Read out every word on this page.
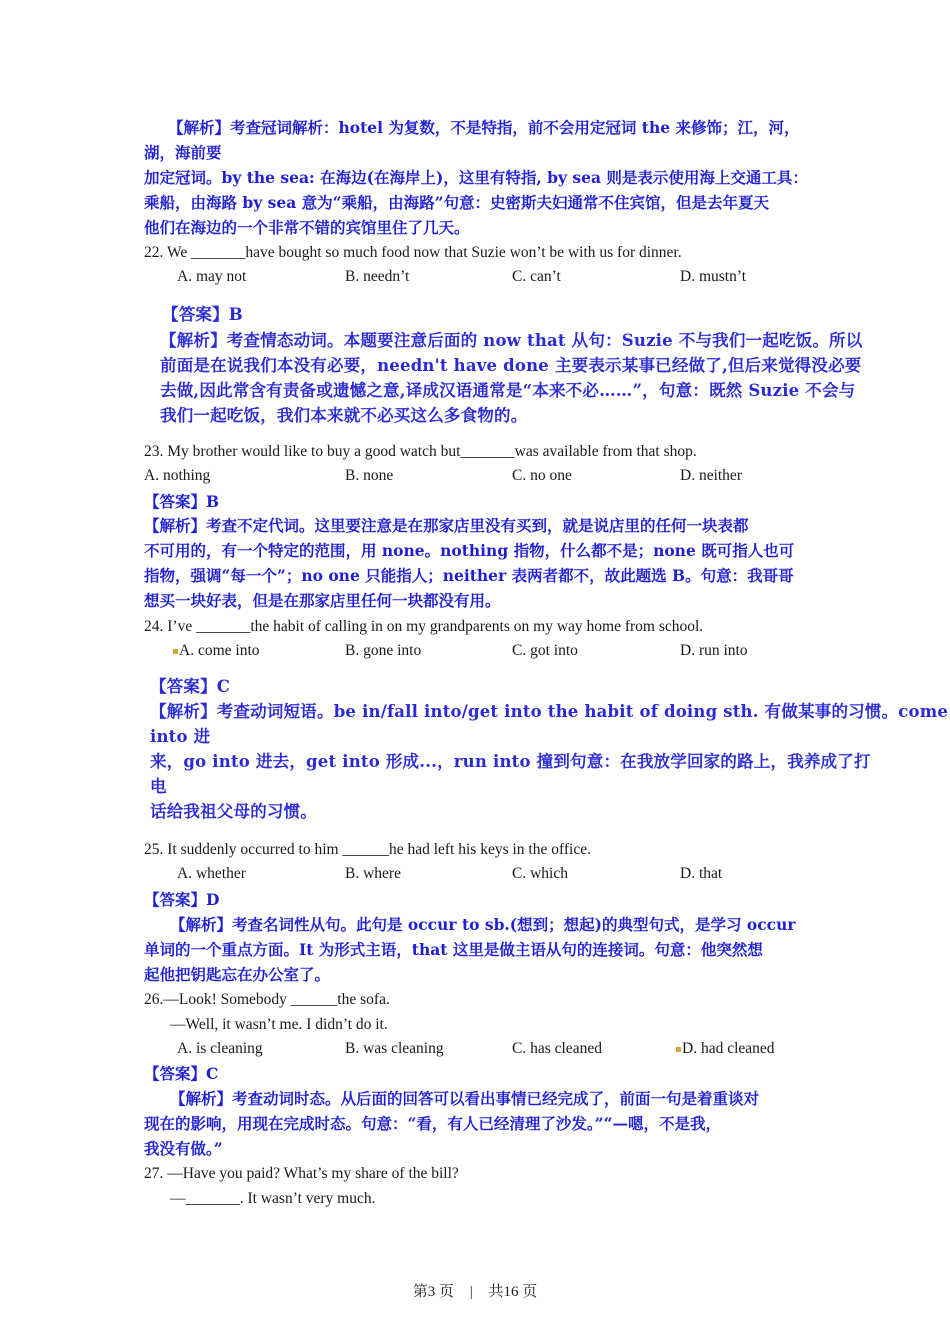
【解析】考查冠词解析：hotel 为复数，不是特指，前不会用定冠词 the 来修饰；江，河，
湖，海前要
加定冠词。by the sea: 在海边(在海岸上)，这里有特指, by sea 则是表示使用海上交通工具：
乘船，由海路 by sea 意为“乘船，由海路”句意：史密斯夫妇通常不住宾馆，但是去年夏天
他们在海边的一个非常不错的宾馆里住了几天。
22. We _______have bought so much food now that Suzie won’t be with us for dinner.
A. may not	B. needn’t	C. can’t	D. mustn’t
【答案】B
【解析】考查情态动词。本题要注意后面的 now that 从句：Suzie 不与我们一起吃饭。所以
前面是在说我们本没有必要，needn't have done 主要表示某事已经做了,但后来觉得没必要
去做,因此常含有责备或遗憾之意,译成汉语通常是“本来不必……”，句意：既然 Suzie 不会与
我们一起吃饭，我们本来就不必买这么多食物的。
23. My brother would like to buy a good watch but_______was available from that shop.
A. nothing	B. none	C. no one	D. neither
【答案】B
【解析】考查不定代词。这里要注意是在那家店里没有买到，就是说店里的任何一块表都
不可用的，有一个特定的范围，用 none。nothing 指物，什么都不是；none 既可指人也可
指物，强调“每一个”；no one 只能指人；neither 表两者都不，故此题选 B。句意：我哥哥
想买一块好表，但是在那家店里任何一块都没有用。
24. I’ve _______the habit of calling in on my grandparents on my way home from school.
A. come into	B. gone into	C. got into	D. run into
【答案】C
【解析】考查动词短语。be in/fall into/get into the habit of doing sth. 有做某事的习惯。come
into 进
来，go into 进去，get into 形成...，run into 撞到句意：在我放学回家的路上，我养成了打
电
话给我祖父母的习惯。
25. It suddenly occurred to him ______he had left his keys in the office.
A. whether	B. where	C. which	D. that
【答案】D
【解析】考查名词性从句。此句是 occur to sb.(想到；想起)的典型句式，是学习 occur
单词的一个重点方面。It 为形式主语，that 这里是做主语从句的连接词。句意：他突然想
起他把钥匙忘在办公室了。
26.—Look! Somebody ______the sofa.
—Well, it wasn’t me. I didn’t do it.
A. is cleaning	B. was cleaning	C. has cleaned	D. had cleaned
【答案】C
【解析】考查动词时态。从后面的回答可以看出事情已经完成了，前面一句是着重谈对
现在的影响，用现在完成时态。句意：“看，有人已经清理了沙发。”“—嗯，不是我，
我没有做。”
27. —Have you paid? What’s my share of the bill?
—_______. It wasn’t very much.
第3 页 | 共16 页
